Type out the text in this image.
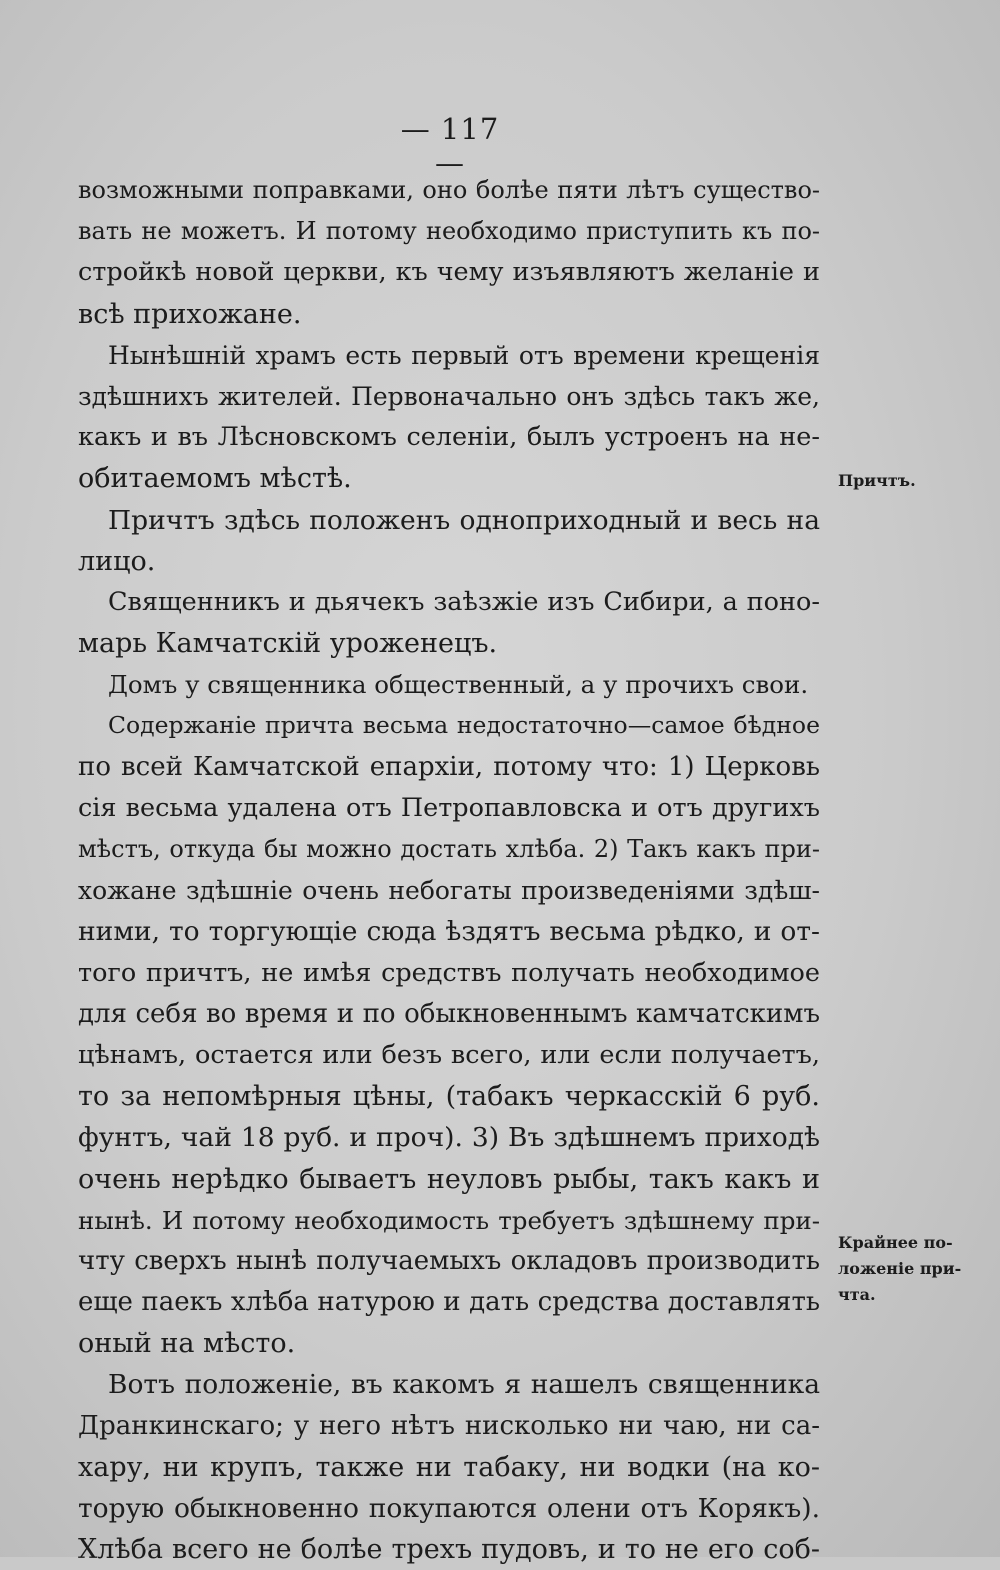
— 117 —
возможными поправками, оно болѣе пяти лѣтъ существо-
вать не можетъ. И потому необходимо приступить къ по-
стройкѣ новой церкви, къ чему изъявляютъ желаніе и
всѣ прихожане.
Нынѣшній храмъ есть первый отъ времени крещенія
здѣшнихъ жителей. Первоначально онъ здѣсь такъ же,
какъ и въ Лѣсновскомъ селеніи, былъ устроенъ на не-
обитаемомъ мѣстѣ.
Причтъ здѣсь положенъ одноприходный и весь на
лицо.
Священникъ и дьячекъ заѣзжіе изъ Сибири, а поно-
марь Камчатскій уроженецъ.
Домъ у священника общественный, а у прочихъ свои.
Содержаніе причта весьма недостаточно—самое бѣдное
по всей Камчатской епархіи, потому что: 1) Церковь
сія весьма удалена отъ Петропавловска и отъ другихъ
мѣстъ, откуда бы можно достать хлѣба. 2) Такъ какъ при-
хожане здѣшніе очень небогаты произведеніями здѣш-
ними, то торгующіе сюда ѣздятъ весьма рѣдко, и от-
того причтъ, не имѣя средствъ получать необходимое
для себя во время и по обыкновеннымъ камчатскимъ
цѣнамъ, остается или безъ всего, или если получаетъ,
то за непомѣрныя цѣны, (табакъ черкасскій 6 руб.
фунтъ, чай 18 руб. и проч). 3) Въ здѣшнемъ приходѣ
очень нерѣдко бываетъ неуловъ рыбы, такъ какъ и
нынѣ. И потому необходимость требуетъ здѣшнему при-
чту сверхъ нынѣ получаемыхъ окладовъ производить
еще паекъ хлѣба натурою и дать средства доставлять
оный на мѣсто.
Вотъ положеніе, въ какомъ я нашелъ священника
Дранкинскаго; у него нѣтъ нисколько ни чаю, ни са-
хару, ни крупъ, также ни табаку, ни водки (на ко-
торую обыкновенно покупаются олени отъ Корякъ).
Хлѣба всего не болѣе трехъ пудовъ, и то не его соб-
Причтъ.
Крайнее по-
ложеніе при-
чта.
